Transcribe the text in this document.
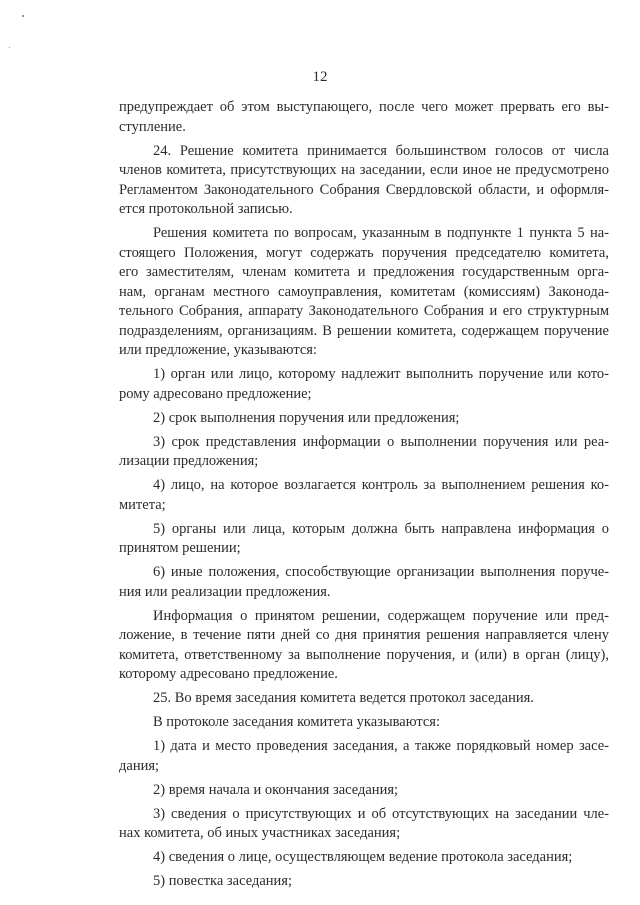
12
предупреждает об этом выступающего, после чего может прервать его вы-
ступление.
24. Решение комитета принимается большинством голосов от числа
членов комитета, присутствующих на заседании, если иное не предусмотрено
Регламентом Законодательного Собрания Свердловской области, и оформля-
ется протокольной записью.
Решения комитета по вопросам, указанным в подпункте 1 пункта 5 на-
стоящего Положения, могут содержать поручения председателю комитета,
его заместителям, членам комитета и предложения государственным орга-
нам, органам местного самоуправления, комитетам (комиссиям) Законода-
тельного Собрания, аппарату Законодательного Собрания и его структурным
подразделениям, организациям. В решении комитета, содержащем поручение
или предложение, указываются:
1) орган или лицо, которому надлежит выполнить поручение или кото-
рому адресовано предложение;
2) срок выполнения поручения или предложения;
3) срок представления информации о выполнении поручения или реа-
лизации предложения;
4) лицо, на которое возлагается контроль за выполнением решения ко-
митета;
5) органы или лица, которым должна быть направлена информация о
принятом решении;
6) иные положения, способствующие организации выполнения поруче-
ния или реализации предложения.
Информация о принятом решении, содержащем поручение или пред-
ложение, в течение пяти дней со дня принятия решения направляется члену
комитета, ответственному за выполнение поручения, и (или) в орган (лицу),
которому адресовано предложение.
25. Во время заседания комитета ведется протокол заседания.
В протоколе заседания комитета указываются:
1) дата и место проведения заседания, а также порядковый номер засе-
дания;
2) время начала и окончания заседания;
3) сведения о присутствующих и об отсутствующих на заседании чле-
нах комитета, об иных участниках заседания;
4) сведения о лице, осуществляющем ведение протокола заседания;
5) повестка заседания;
